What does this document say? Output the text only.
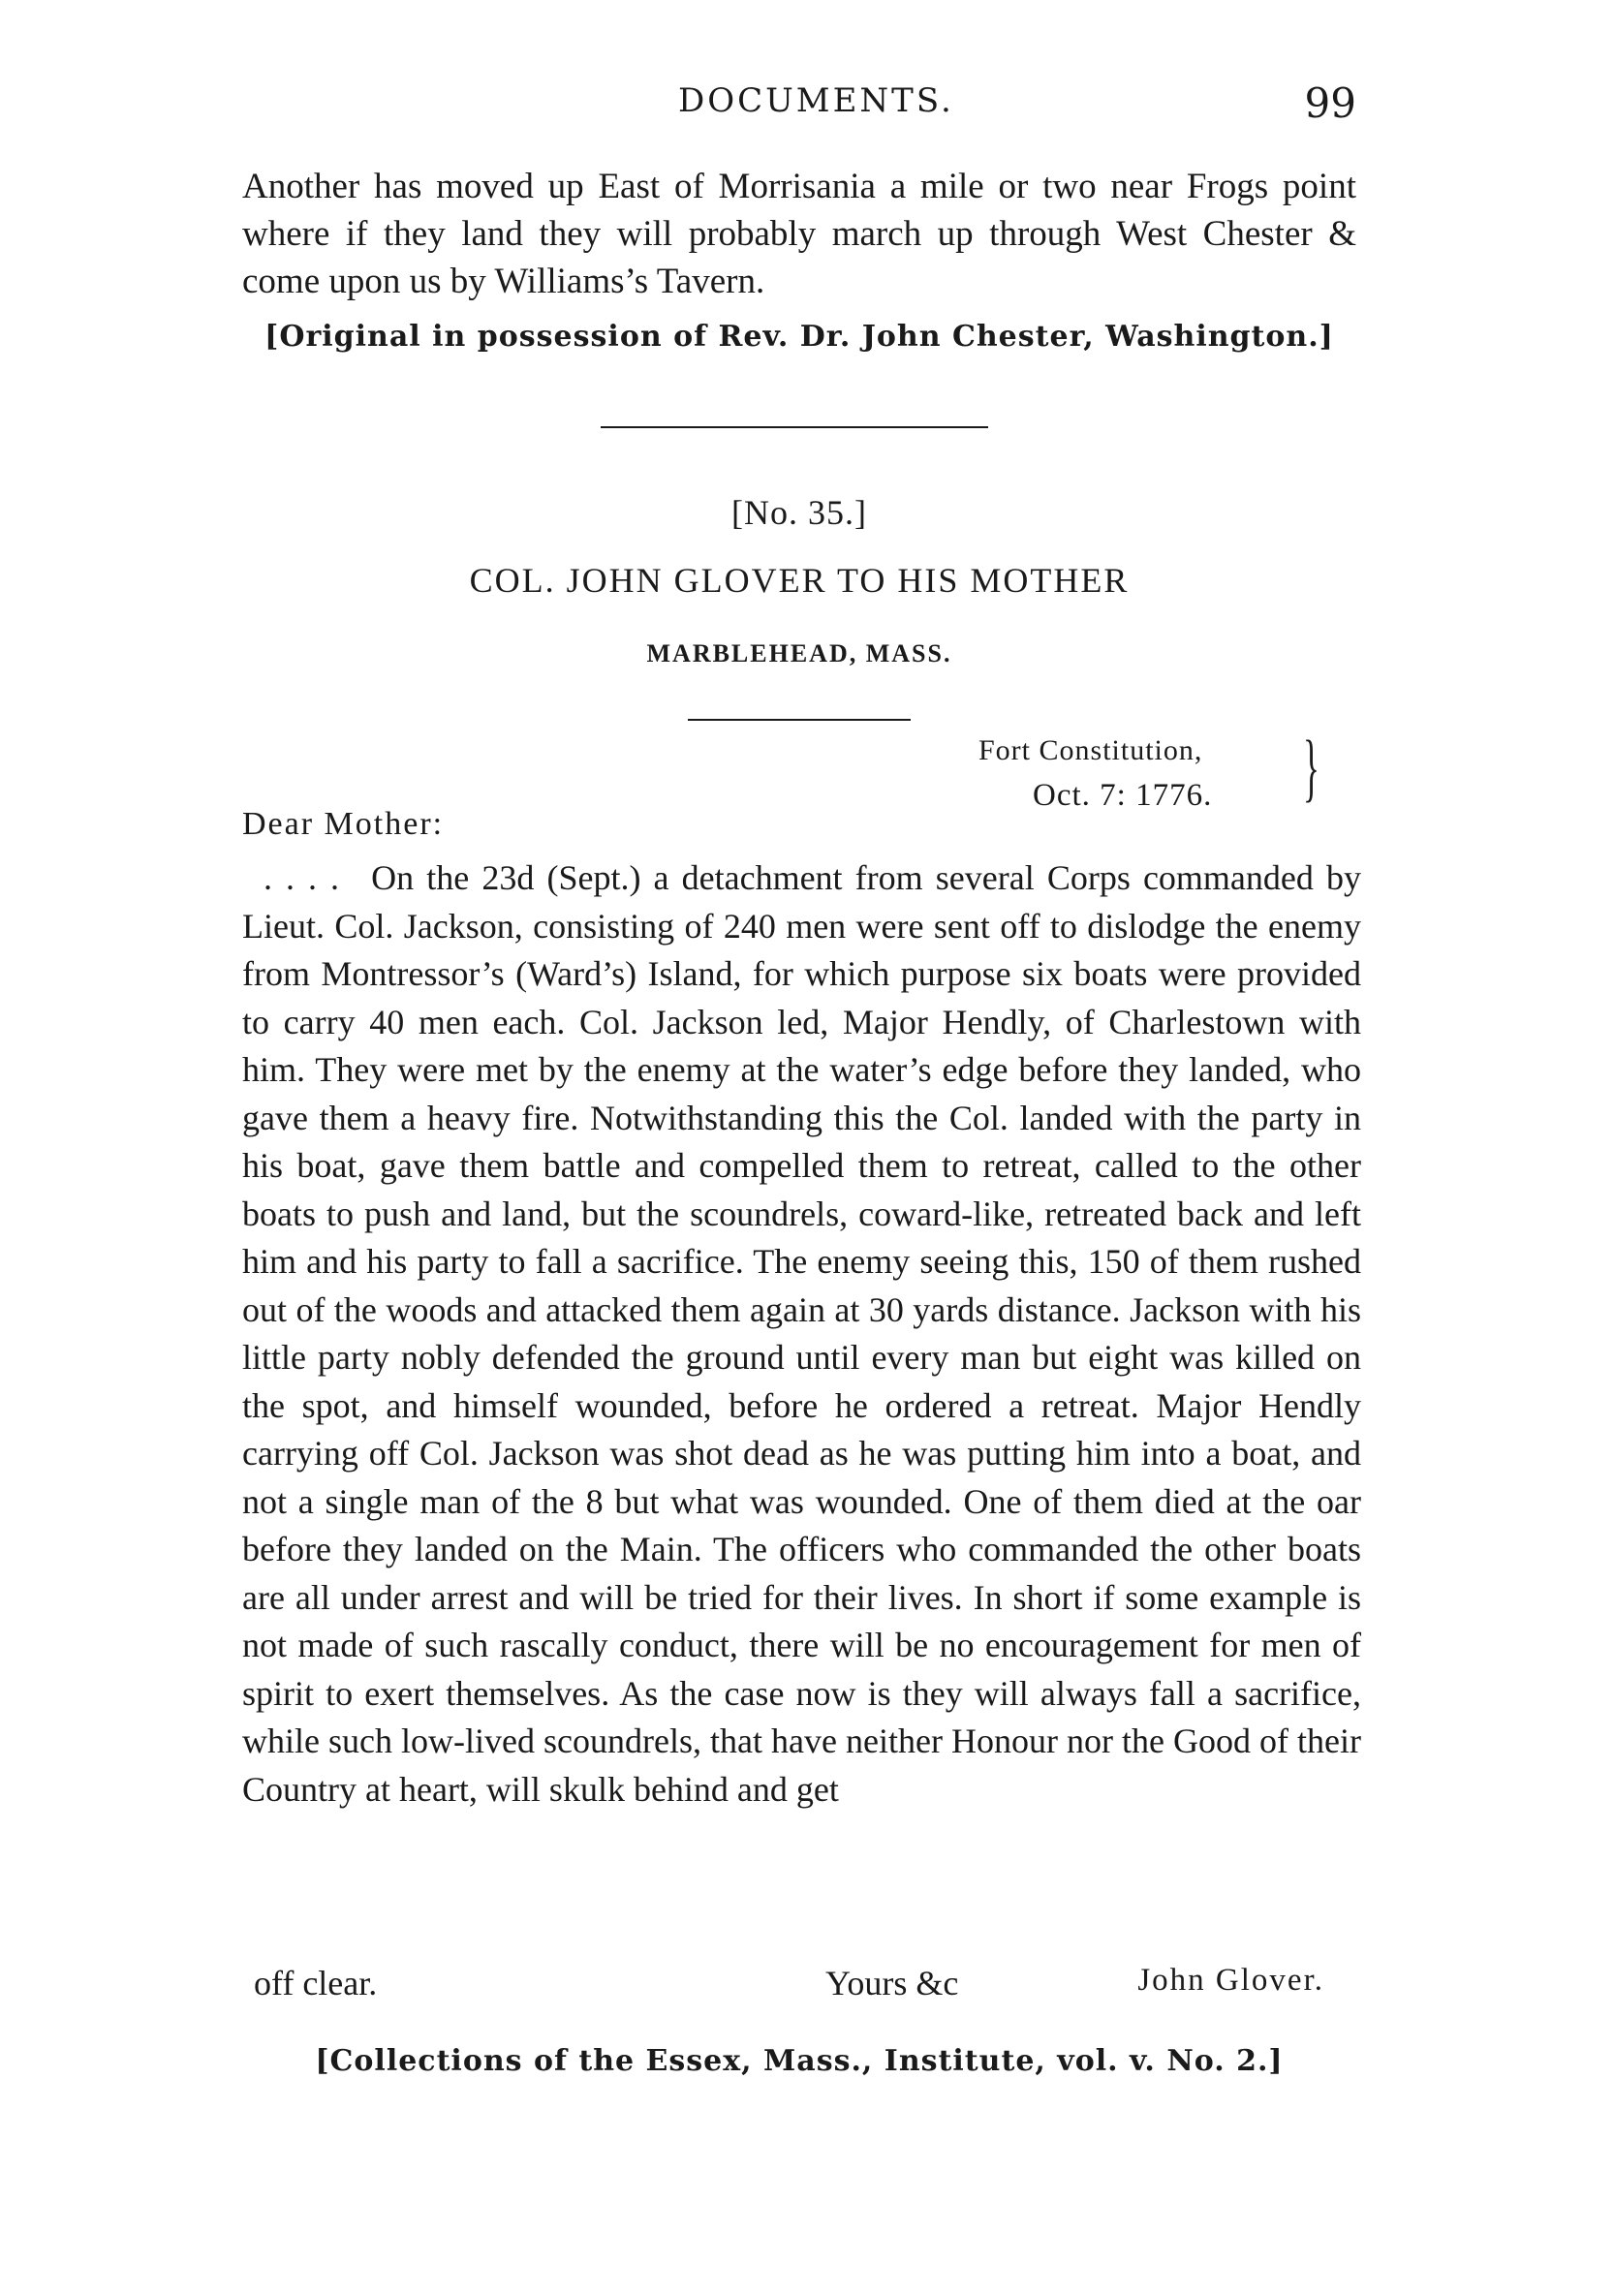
DOCUMENTS.	99

Another has moved up East of Morrisania a mile or two near Frogs point where if they land they will probably march up through West Chester & come upon us by Williams’s Tavern.

[Original in possession of Rev. Dr. John Chester, Washington.]
[No. 35.]
COL. JOHN GLOVER TO HIS MOTHER
MARBLEHEAD, MASS.
Fort Constitution,
Oct. 7: 1776.	}
Dear Mother:

.... On the 23d (Sept.) a detachment from several Corps commanded by Lieut. Col. Jackson, consisting of 240 men were sent off to dislodge the enemy from Montressor’s (Ward’s) Island, for which purpose six boats were provided to carry 40 men each. Col. Jackson led, Major Hendly, of Charlestown with him. They were met by the enemy at the water’s edge before they landed, who gave them a heavy fire. Notwithstanding this the Col. landed with the party in his boat, gave them battle and compelled them to retreat, called to the other boats to push and land, but the scoundrels, coward-like, retreated back and left him and his party to fall a sacrifice. The enemy seeing this, 150 of them rushed out of the woods and attacked them again at 30 yards distance. Jackson with his little party nobly defended the ground until every man but eight was killed on the spot, and himself wounded, before he ordered a retreat. Major Hendly carrying off Col. Jackson was shot dead as he was putting him into a boat, and not a single man of the 8 but what was wounded. One of them died at the oar before they landed on the Main. The officers who commanded the other boats are all under arrest and will be tried for their lives. In short if some example is not made of such rascally conduct, there will be no encouragement for men of spirit to exert themselves. As the case now is they will always fall a sacrifice, while such low-lived scoundrels, that have neither Honour nor the Good of their Country at heart, will skulk behind and get

off clear.	Yours &c	John Glover.
[Collections of the Essex, Mass., Institute, vol. v. No. 2.]
